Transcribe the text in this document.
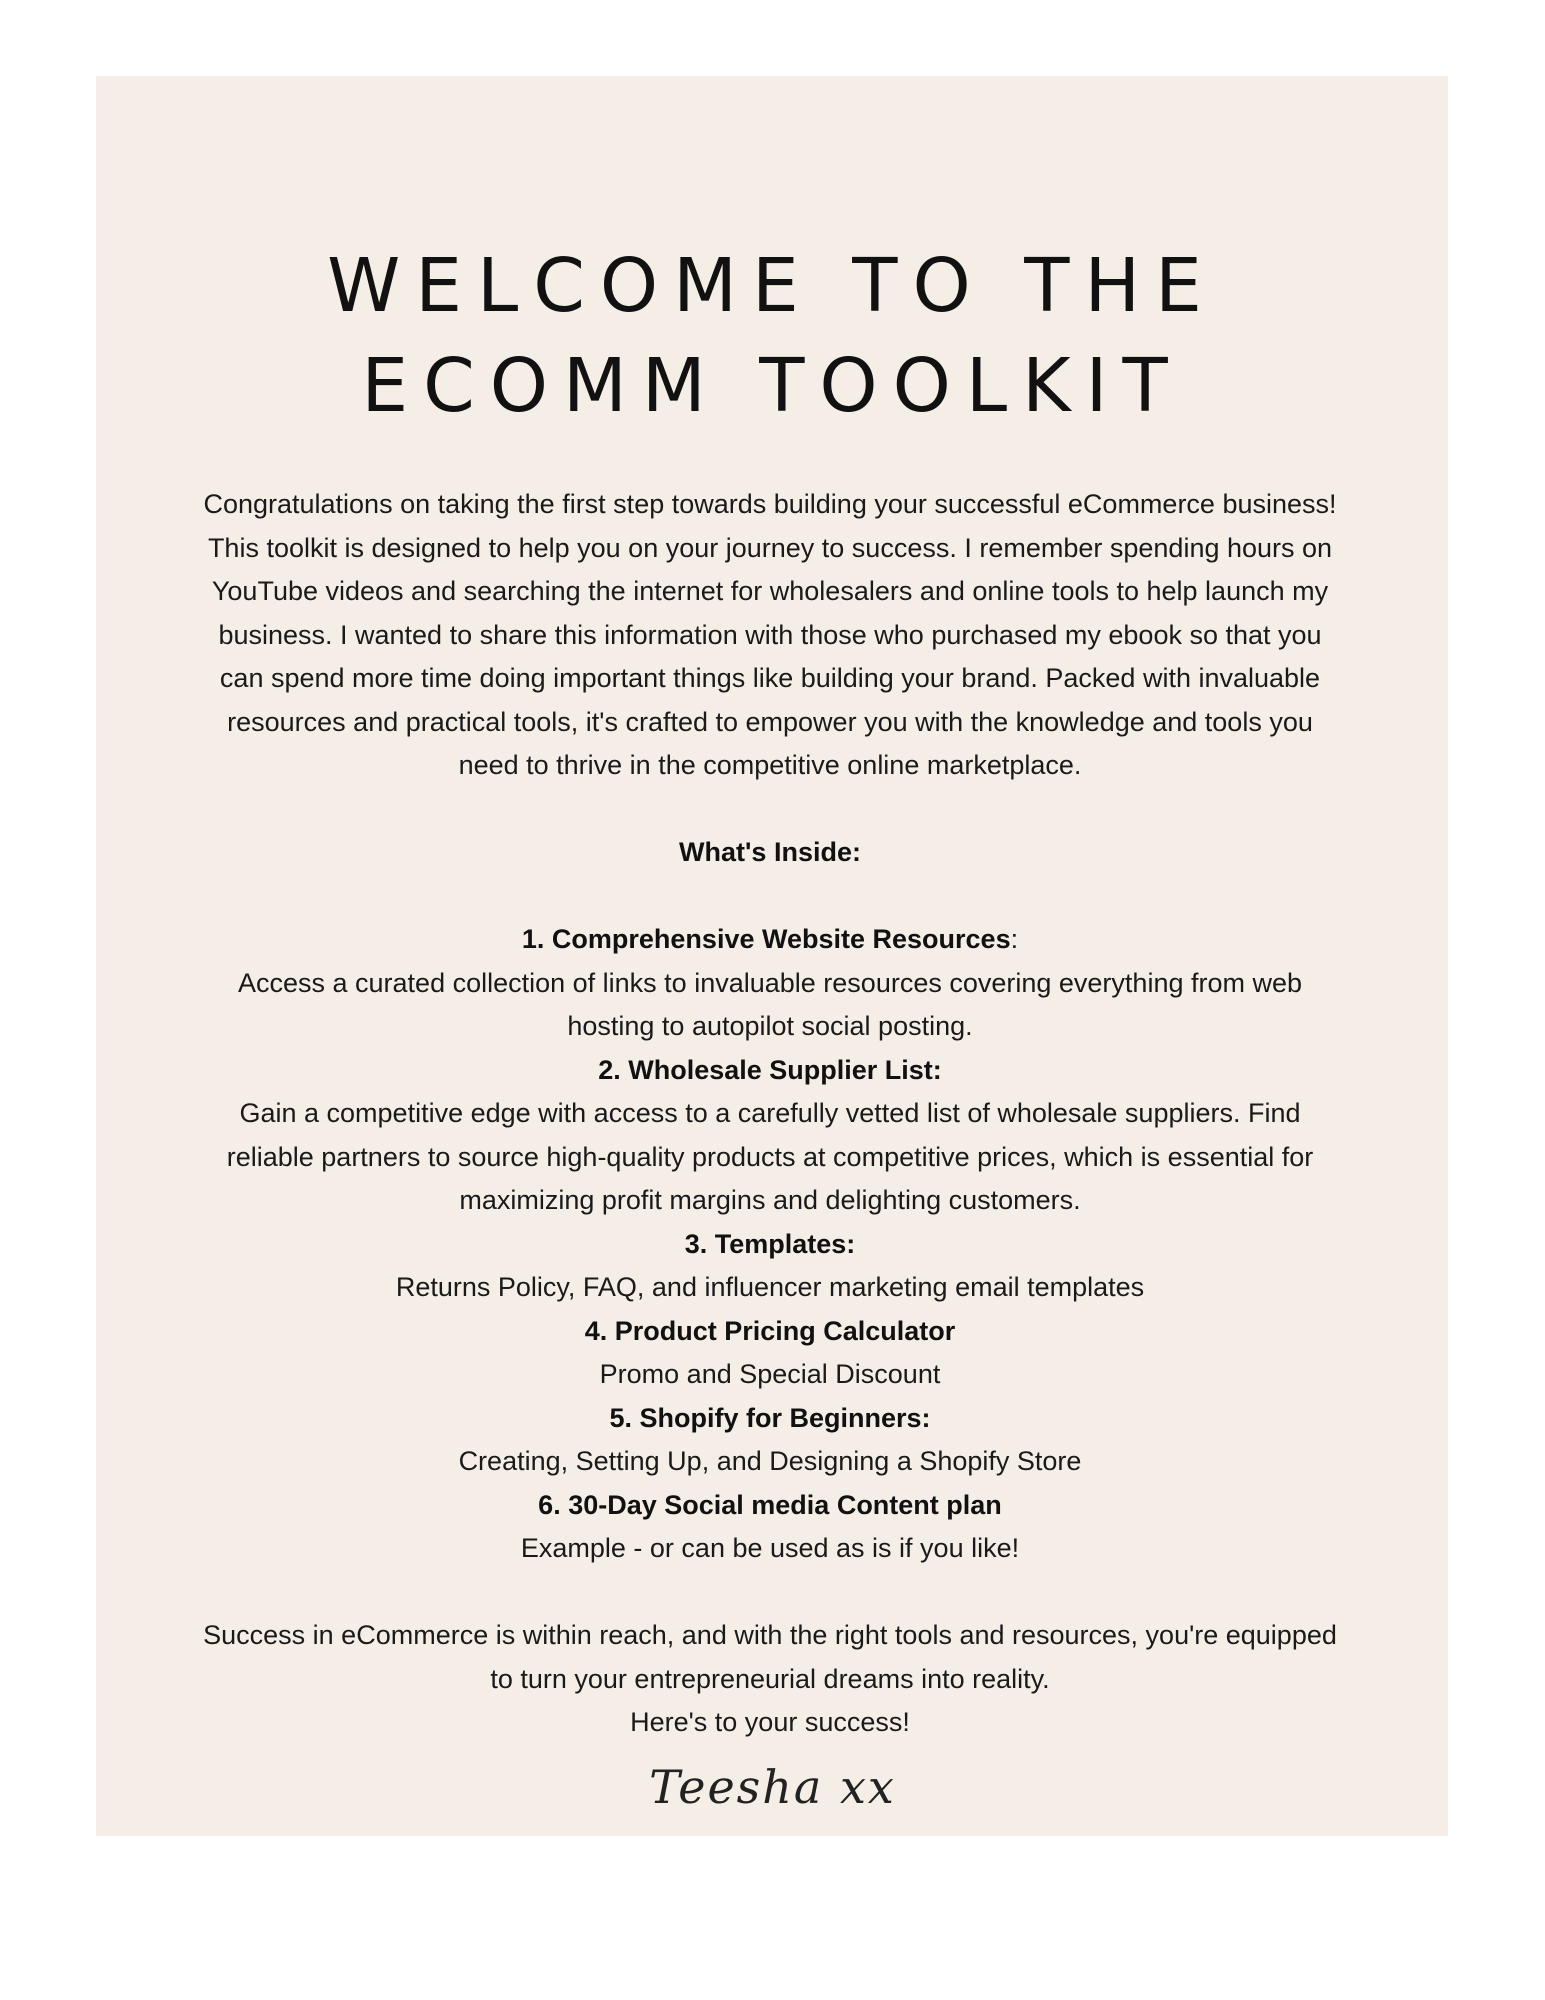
WELCOME TO THE
ECOMM TOOLKIT

Congratulations on taking the first step towards building your successful eCommerce business!

This toolkit is designed to help you on your journey to success. I remember spending hours on

YouTube videos and searching the internet for wholesalers and online tools to help launch my

business. I wanted to share this information with those who purchased my ebook so that you

can spend more time doing important things like building your brand. Packed with invaluable

resources and practical tools, it's crafted to empower you with the knowledge and tools you

need to thrive in the competitive online marketplace.

What's Inside:

1. Comprehensive Website Resources:

Access a curated collection of links to invaluable resources covering everything from web

hosting to autopilot social posting.

2. Wholesale Supplier List:

Gain a competitive edge with access to a carefully vetted list of wholesale suppliers. Find

reliable partners to source high-quality products at competitive prices, which is essential for

maximizing profit margins and delighting customers.

3. Templates:

Returns Policy, FAQ, and influencer marketing email templates

4. Product Pricing Calculator

Promo and Special Discount

5. Shopify for Beginners:

Creating, Setting Up, and Designing a Shopify Store

6. 30-Day Social media Content plan

Example - or can be used as is if you like!

Success in eCommerce is within reach, and with the right tools and resources, you're equipped

to turn your entrepreneurial dreams into reality.

Here's to your success!

Teesha xx
